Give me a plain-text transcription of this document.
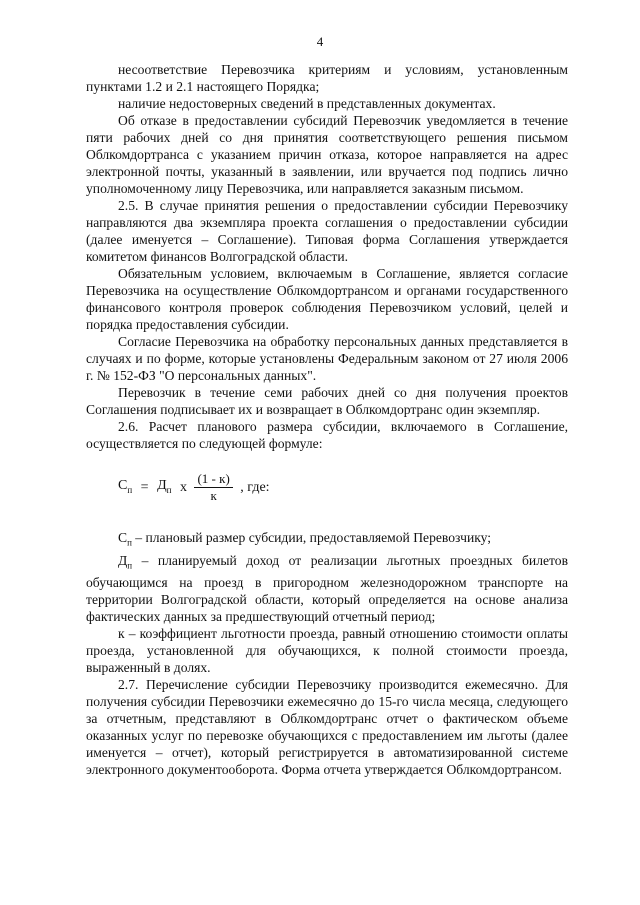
4

несоответствие Перевозчика критериям и условиям, установленным пунктами 1.2 и 2.1 настоящего Порядка;

наличие недостоверных сведений в представленных документах.

Об отказе в предоставлении субсидий Перевозчик уведомляется в течение пяти рабочих дней со дня принятия соответствующего решения письмом Облкомдортранса с указанием причин отказа, которое направляется на адрес электронной почты, указанный в заявлении, или вручается под подпись лично уполномоченному лицу Перевозчика, или направляется заказным письмом.

2.5. В случае принятия решения о предоставлении субсидии Перевозчику направляются два экземпляра проекта соглашения о предоставлении субсидии (далее именуется – Соглашение). Типовая форма Соглашения утверждается комитетом финансов Волгоградской области.

Обязательным условием, включаемым в Соглашение, является согласие Перевозчика на осуществление Облкомдортрансом и органами государственного финансового контроля проверок соблюдения Перевозчиком условий, целей и порядка предоставления субсидии.

Согласие Перевозчика на обработку персональных данных представляется в случаях и по форме, которые установлены Федеральным законом от 27 июля 2006 г. № 152-ФЗ "О персональных данных".

Перевозчик в течение семи рабочих дней со дня получения проектов Соглашения подписывает их и возвращает в Облкомдортранс один экземпляр.

2.6. Расчет планового размера субсидии, включаемого в Соглашение, осуществляется по следующей формуле:

$С_п = Д_п$ x $\frac{(1 - к)}{к}$ , где:

$С_п$ – плановый размер субсидии, предоставляемой Перевозчику;

$Д_п$ – планируемый доход от реализации льготных проездных билетов обучающимся на проезд в пригородном железнодорожном транспорте на территории Волгоградской области, который определяется на основе анализа фактических данных за предшествующий отчетный период;

к – коэффициент льготности проезда, равный отношению стоимости оплаты проезда, установленной для обучающихся, к полной стоимости проезда, выраженный в долях.

2.7. Перечисление субсидии Перевозчику производится ежемесячно. Для получения субсидии Перевозчики ежемесячно до 15-го числа месяца, следующего за отчетным, представляют в Облкомдортранс отчет о фактическом объеме оказанных услуг по перевозке обучающихся с предоставлением им льготы (далее именуется – отчет), который регистрируется в автоматизированной системе электронного документооборота. Форма отчета утверждается Облкомдортрансом.
